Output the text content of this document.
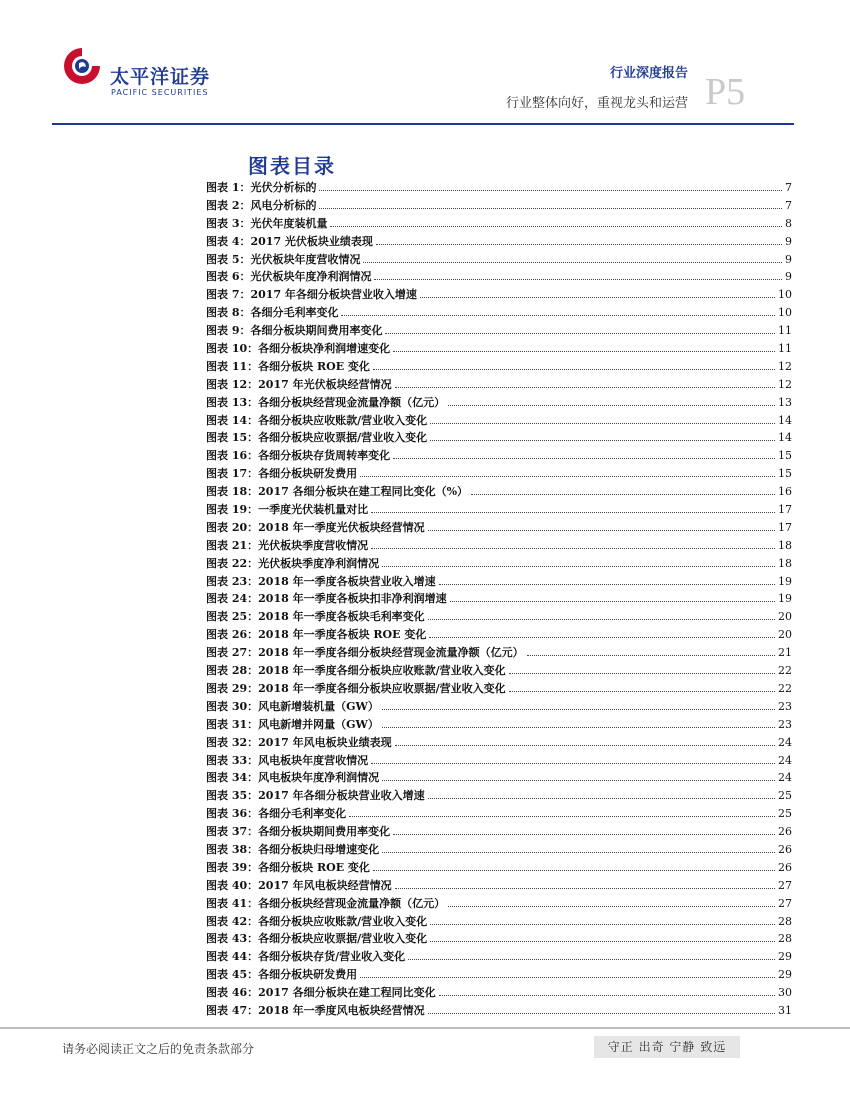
太平洋证券
PACIFIC SECURITIES
行业深度报告
行业整体向好，重视龙头和运营 P5
图表目录
图表 1：光伏分析标的	7
图表 2：风电分析标的	7
图表 3：光伏年度装机量	8
图表 4：2017 光伏板块业绩表现	9
图表 5：光伏板块年度营收情况	9
图表 6：光伏板块年度净利润情况	9
图表 7：2017 年各细分板块营业收入增速	10
图表 8：各细分毛利率变化	10
图表 9：各细分板块期间费用率变化	11
图表 10：各细分板块净利润增速变化	11
图表 11：各细分板块 ROE 变化	12
图表 12：2017 年光伏板块经营情况	12
图表 13：各细分板块经营现金流量净额（亿元）	13
图表 14：各细分板块应收账款/营业收入变化	14
图表 15：各细分板块应收票据/营业收入变化	14
图表 16：各细分板块存货周转率变化	15
图表 17：各细分板块研发费用	15
图表 18：2017 各细分板块在建工程同比变化（%）	16
图表 19：一季度光伏装机量对比	17
图表 20：2018 年一季度光伏板块经营情况	17
图表 21：光伏板块季度营收情况	18
图表 22：光伏板块季度净利润情况	18
图表 23：2018 年一季度各板块营业收入增速	19
图表 24：2018 年一季度各板块扣非净利润增速	19
图表 25：2018 年一季度各板块毛利率变化	20
图表 26：2018 年一季度各板块 ROE 变化	20
图表 27：2018 年一季度各细分板块经营现金流量净额（亿元）	21
图表 28：2018 年一季度各细分板块应收账款/营业收入变化	22
图表 29：2018 年一季度各细分板块应收票据/营业收入变化	22
图表 30：风电新增装机量（GW）	23
图表 31：风电新增并网量（GW）	23
图表 32：2017 年风电板块业绩表现	24
图表 33：风电板块年度营收情况	24
图表 34：风电板块年度净利润情况	24
图表 35：2017 年各细分板块营业收入增速	25
图表 36：各细分毛利率变化	25
图表 37：各细分板块期间费用率变化	26
图表 38：各细分板块归母增速变化	26
图表 39：各细分板块 ROE 变化	26
图表 40：2017 年风电板块经营情况	27
图表 41：各细分板块经营现金流量净额（亿元）	27
图表 42：各细分板块应收账款/营业收入变化	28
图表 43：各细分板块应收票据/营业收入变化	28
图表 44：各细分板块存货/营业收入变化	29
图表 45：各细分板块研发费用	29
图表 46：2017 各细分板块在建工程同比变化	30
图表 47：2018 年一季度风电板块经营情况	31
请务必阅读正文之后的免责条款部分	守正 出奇 宁静 致远
